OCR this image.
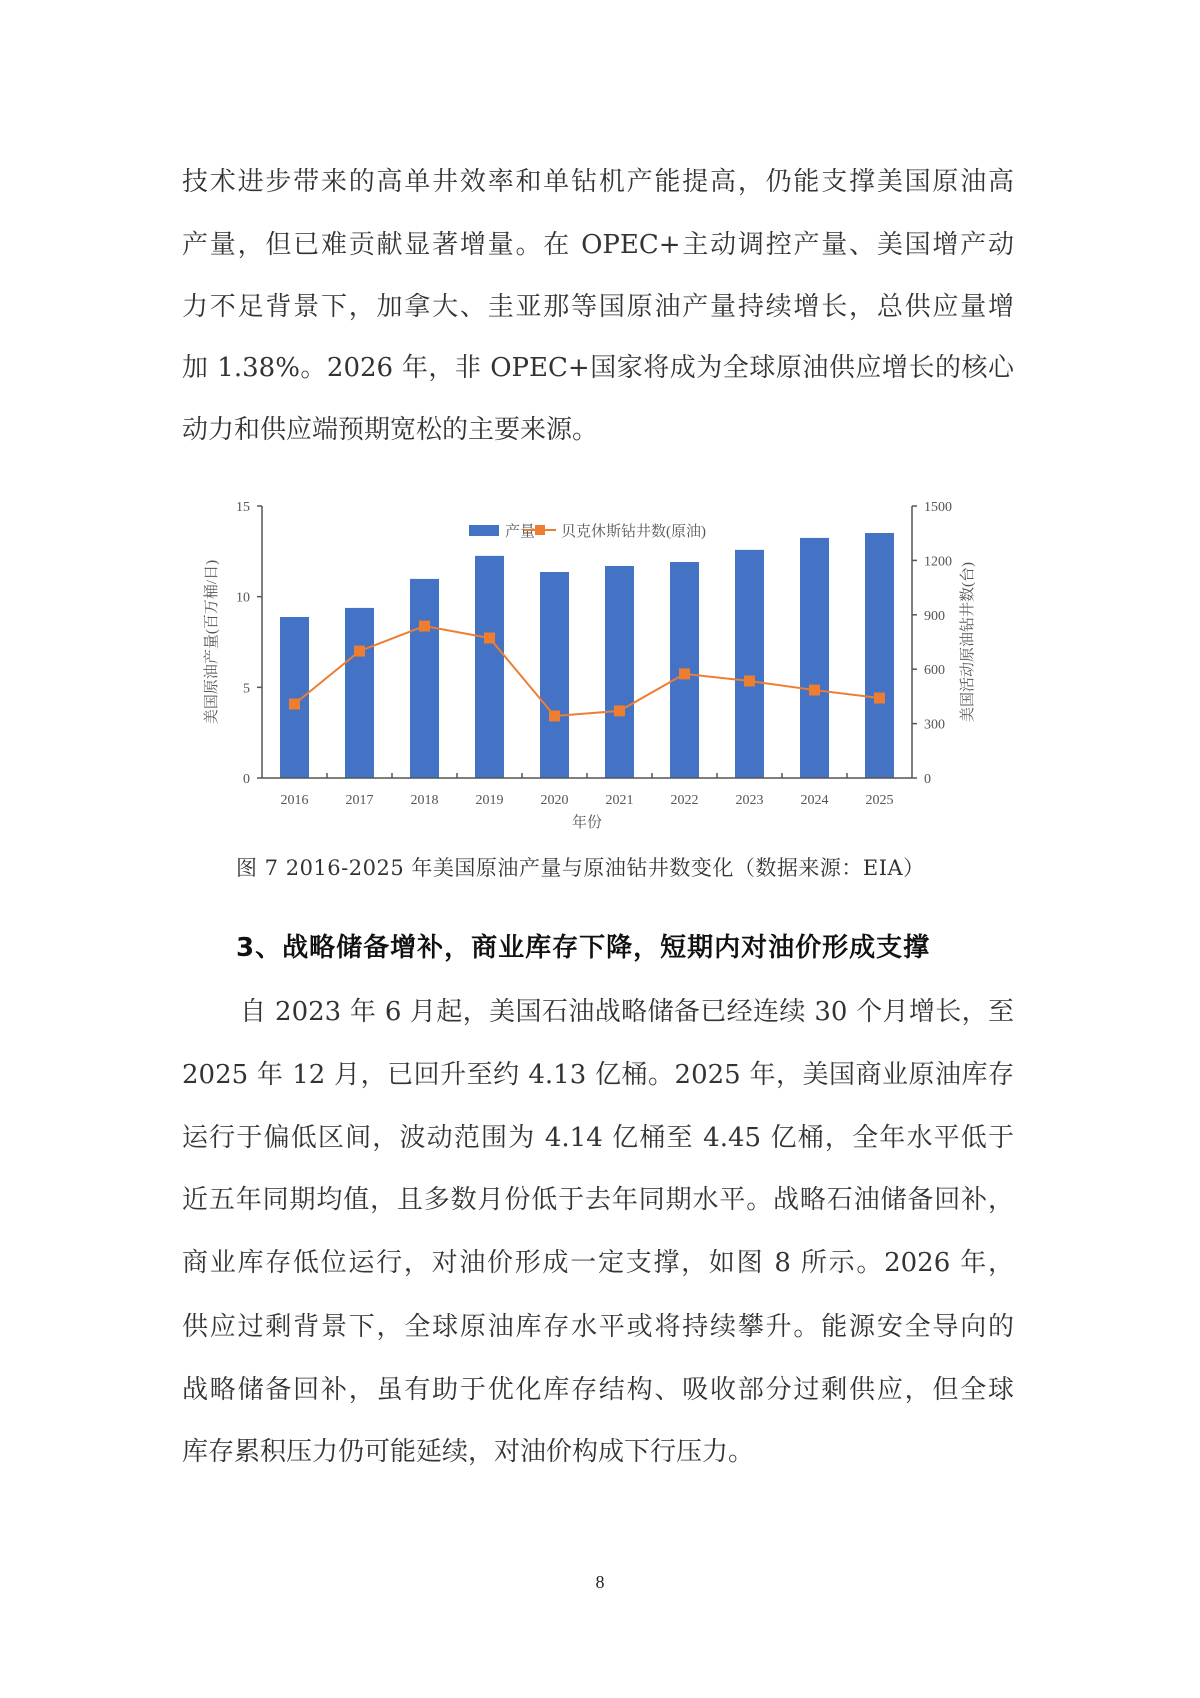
技术进步带来的高单井效率和单钻机产能提高，仍能支撑美国原油高
产量，但已难贡献显著增量。在 OPEC+主动调控产量、美国增产动
力不足背景下，加拿大、圭亚那等国原油产量持续增长，总供应量增
加 1.38%。2026 年，非 OPEC+国家将成为全球原油供应增长的核心
动力和供应端预期宽松的主要来源。
0
5
10
15
0
300
600
900
1200
1500
2016	2017	2018	2019	2020	2021	2022	2023	2024	2025
产量 贝克休斯钻井数(原油)
美国原油产量(百万桶/日)	美国活动原油钻井数(台)
年份
图 7 2016-2025 年美国原油产量与原油钻井数变化（数据来源：EIA）
3、战略储备增补，商业库存下降，短期内对油价形成支撑
自 2023 年 6 月起，美国石油战略储备已经连续 30 个月增长，至
2025 年 12 月，已回升至约 4.13 亿桶。2025 年，美国商业原油库存
运行于偏低区间，波动范围为 4.14 亿桶至 4.45 亿桶，全年水平低于
近五年同期均值，且多数月份低于去年同期水平。战略石油储备回补，
商业库存低位运行，对油价形成一定支撑，如图 8 所示。2026 年，
供应过剩背景下，全球原油库存水平或将持续攀升。能源安全导向的
战略储备回补，虽有助于优化库存结构、吸收部分过剩供应，但全球
库存累积压力仍可能延续，对油价构成下行压力。
8
